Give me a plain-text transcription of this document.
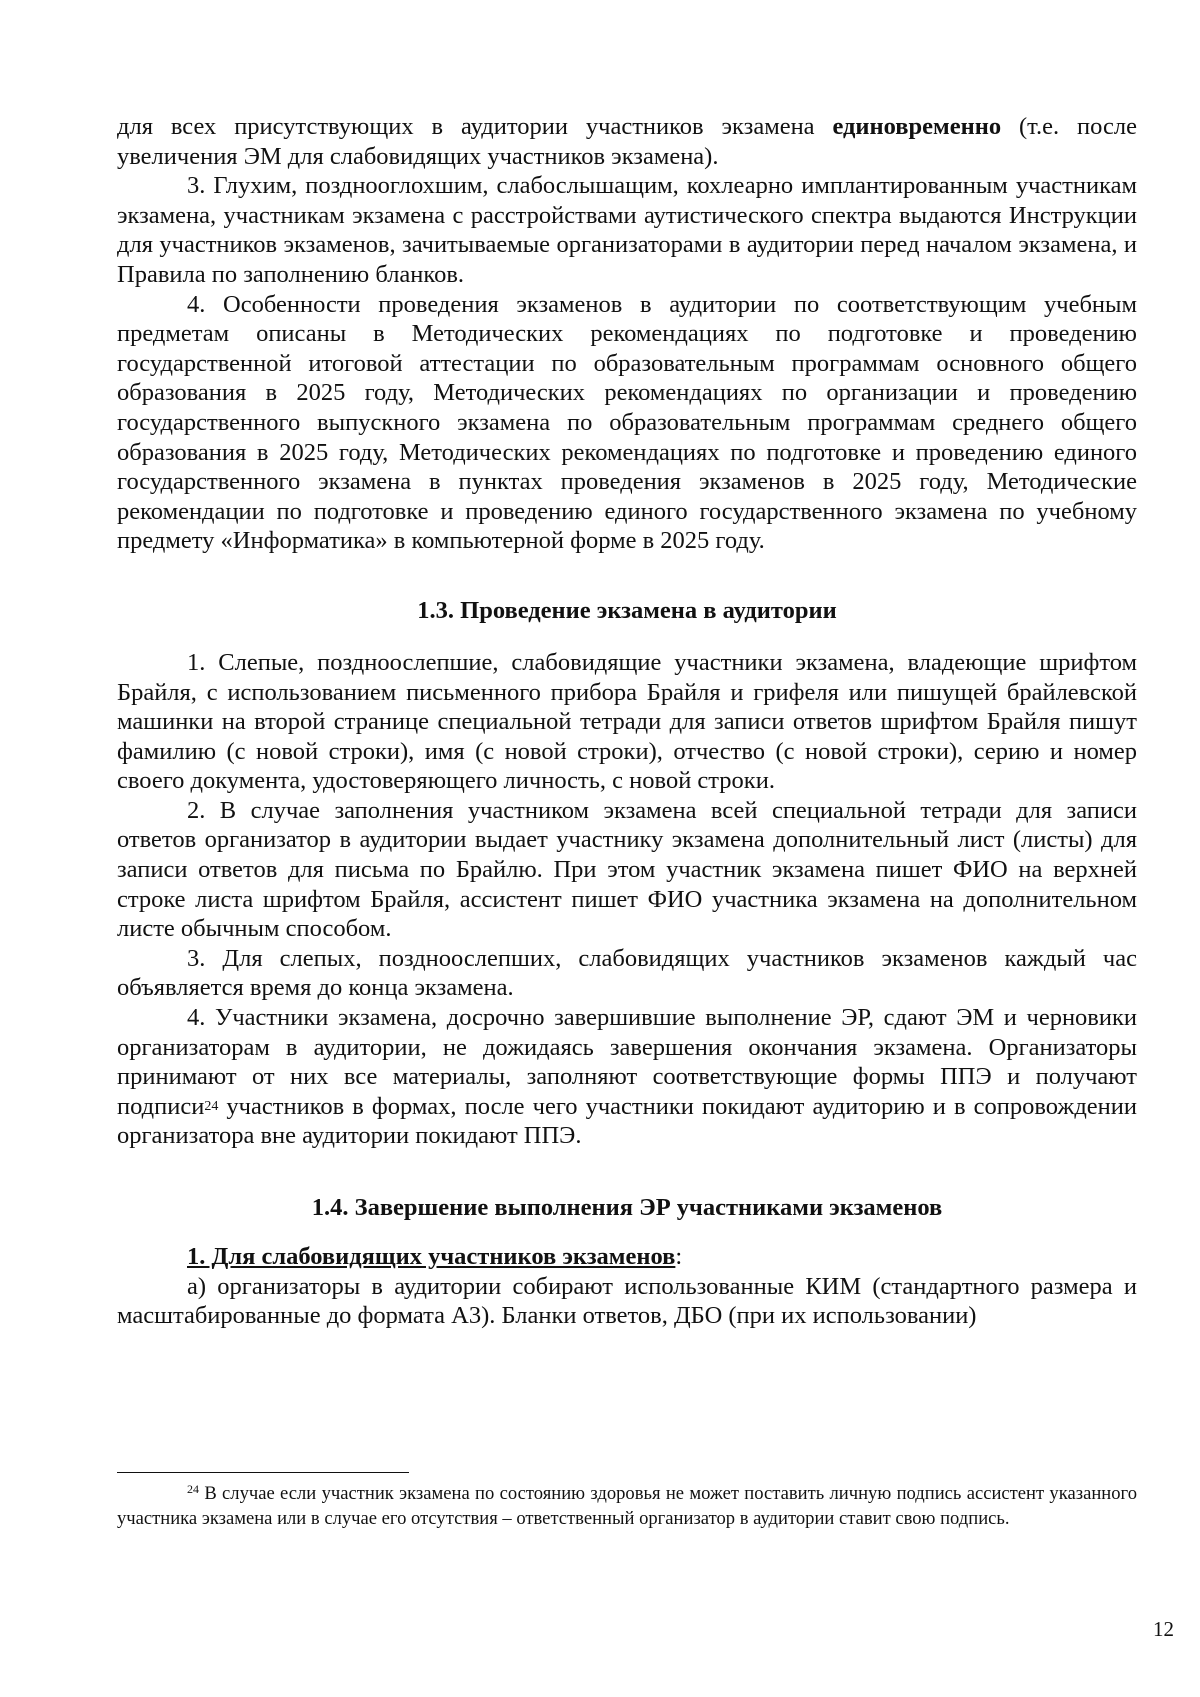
для всех присутствующих в аудитории участников экзамена единовременно (т.е. после увеличения ЭМ для слабовидящих участников экзамена).

3. Глухим, позднооглохшим, слабослышащим, кохлеарно имплантированным участникам экзамена, участникам экзамена с расстройствами аутистического спектра выдаются Инструкции для участников экзаменов, зачитываемые организаторами в аудитории перед началом экзамена, и Правила по заполнению бланков.

4. Особенности проведения экзаменов в аудитории по соответствующим учебным предметам описаны в Методических рекомендациях по подготовке и проведению государственной итоговой аттестации по образовательным программам основного общего образования в 2025 году, Методических рекомендациях по организации и проведению государственного выпускного экзамена по образовательным программам среднего общего образования в 2025 году, Методических рекомендациях по подготовке и проведению единого государственного экзамена в пунктах проведения экзаменов в 2025 году, Методические рекомендации по подготовке и проведению единого государственного экзамена по учебному предмету «Информатика» в компьютерной форме в 2025 году.

1.3. Проведение экзамена в аудитории

1. Слепые, поздноослепшие, слабовидящие участники экзамена, владеющие шрифтом Брайля, с использованием письменного прибора Брайля и грифеля или пишущей брайлевской машинки на второй странице специальной тетради для записи ответов шрифтом Брайля пишут фамилию (с новой строки), имя (с новой строки), отчество (с новой строки), серию и номер своего документа, удостоверяющего личность, с новой строки.

2. В случае заполнения участником экзамена всей специальной тетради для записи ответов организатор в аудитории выдает участнику экзамена дополнительный лист (листы) для записи ответов для письма по Брайлю. При этом участник экзамена пишет ФИО на верхней строке листа шрифтом Брайля, ассистент пишет ФИО участника экзамена на дополнительном листе обычным способом.

3. Для слепых, поздноослепших, слабовидящих участников экзаменов каждый час объявляется время до конца экзамена.

4. Участники экзамена, досрочно завершившие выполнение ЭР, сдают ЭМ и черновики организаторам в аудитории, не дожидаясь завершения окончания экзамена. Организаторы принимают от них все материалы, заполняют соответствующие формы ППЭ и получают подписи$^{24}$ участников в формах, после чего участники покидают аудиторию и в сопровождении организатора вне аудитории покидают ППЭ.

1.4. Завершение выполнения ЭР участниками экзаменов

1. Для слабовидящих участников экзаменов:

а) организаторы в аудитории собирают использованные КИМ (стандартного размера и масштабированные до формата А3). Бланки ответов, ДБО (при их использовании)

$^{24}$ В случае если участник экзамена по состоянию здоровья не может поставить личную подпись ассистент указанного участника экзамена или в случае его отсутствия – ответственный организатор в аудитории ставит свою подпись.

12
